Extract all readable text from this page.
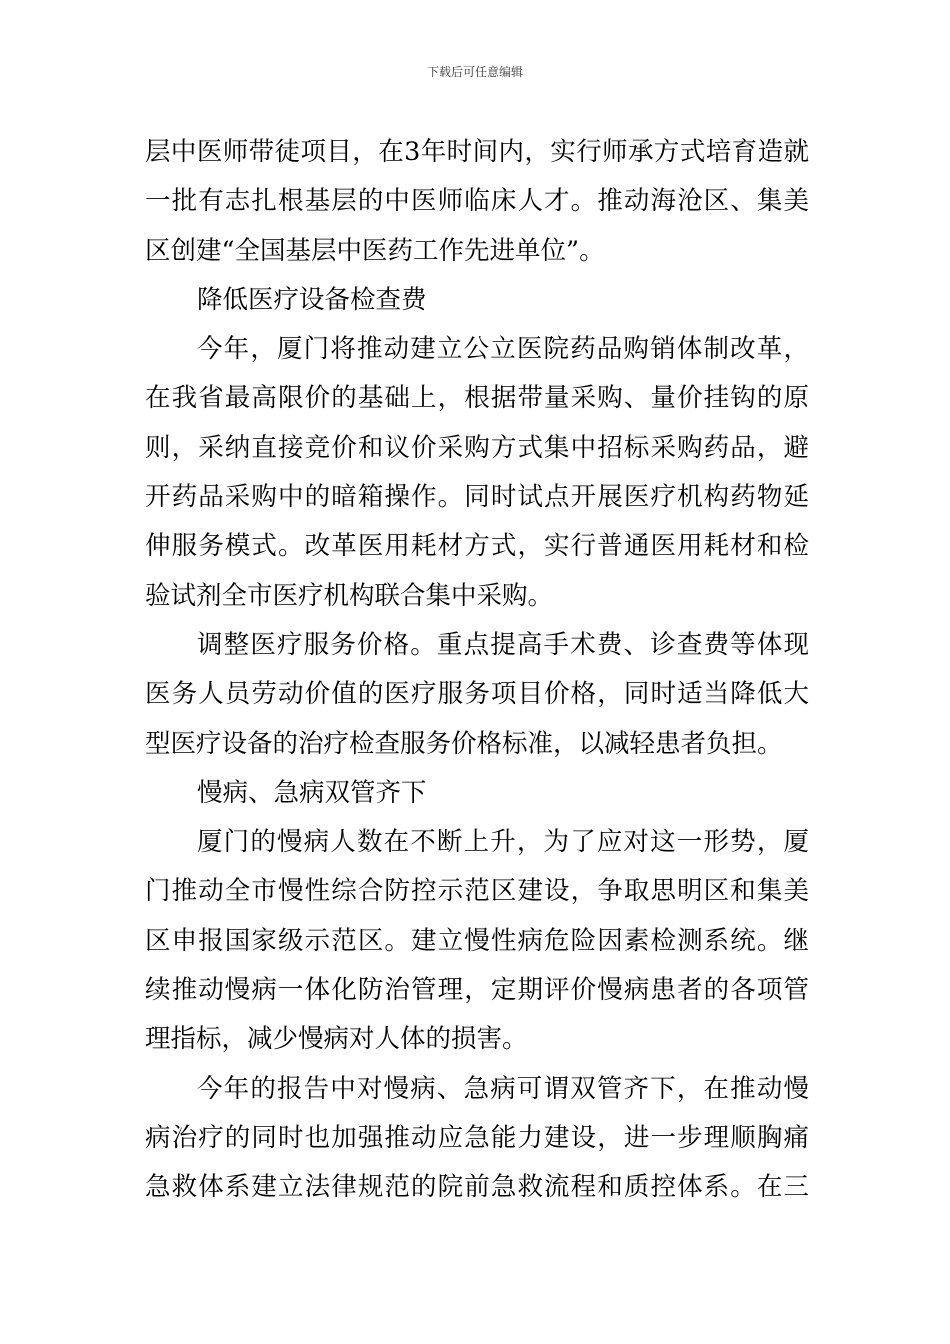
下载后可任意编辑
层中医师带徒项目，在3年时间内，实行师承方式培育造就
一批有志扎根基层的中医师临床人才。推动海沧区、集美
区创建“全国基层中医药工作先进单位”。
降低医疗设备检查费
今年，厦门将推动建立公立医院药品购销体制改革，
在我省最高限价的基础上，根据带量采购、量价挂钩的原
则，采纳直接竞价和议价采购方式集中招标采购药品，避
开药品采购中的暗箱操作。同时试点开展医疗机构药物延
伸服务模式。改革医用耗材方式，实行普通医用耗材和检
验试剂全市医疗机构联合集中采购。
调整医疗服务价格。重点提高手术费、诊查费等体现
医务人员劳动价值的医疗服务项目价格，同时适当降低大
型医疗设备的治疗检查服务价格标准，以减轻患者负担。
慢病、急病双管齐下
厦门的慢病人数在不断上升，为了应对这一形势，厦
门推动全市慢性综合防控示范区建设，争取思明区和集美
区申报国家级示范区。建立慢性病危险因素检测系统。继
续推动慢病一体化防治管理，定期评价慢病患者的各项管
理指标，减少慢病对人体的损害。
今年的报告中对慢病、急病可谓双管齐下，在推动慢
病治疗的同时也加强推动应急能力建设，进一步理顺胸痛
急救体系建立法律规范的院前急救流程和质控体系。在三
